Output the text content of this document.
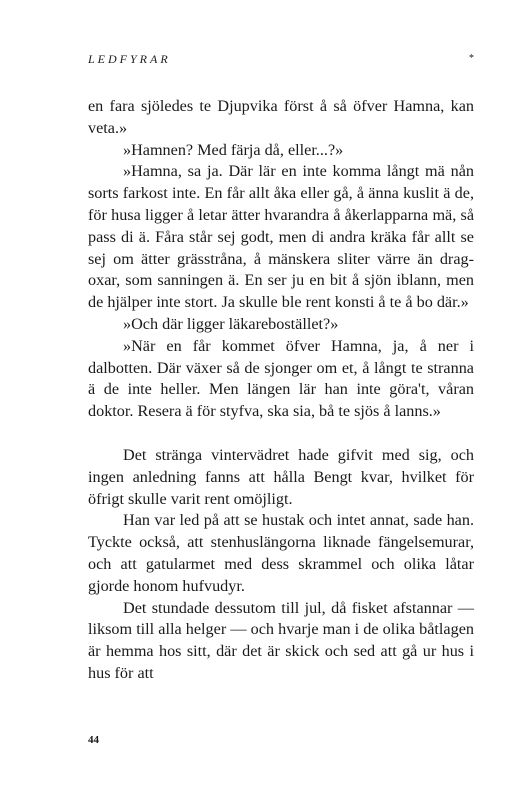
LEDFYRAR	*

en fara sjöledes te Djupvika först å så öfver Hamna, kan veta.»

»Hamnen? Med färja då, eller...?»

»Hamna, sa ja. Där lär en inte komma långt mä nån sorts farkost inte. En får allt åka eller gå, å änna kuslit ä de, för husa ligger å letar ätter hvarandra å åkerlapparna mä, så pass di ä. Fåra står sej godt, men di andra kräka får allt se sej om ätter grässtråna, å mänskera sliter värre än drag-oxar, som sanningen ä. En ser ju en bit å sjön iblann, men de hjälper inte stort. Ja skulle ble rent konsti å te å bo där.»

»Och där ligger läkarebostället?»

»När en får kommet öfver Hamna, ja, å ner i dalbotten. Där växer så de sjonger om et, å långt te stranna ä de inte heller. Men längen lär han inte göra't, våran doktor. Resera ä för styfva, ska sia, bå te sjös å lanns.»

Det stränga vintervädret hade gifvit med sig, och ingen anledning fanns att hålla Bengt kvar, hvilket för öfrigt skulle varit rent omöjligt.

Han var led på att se hustak och intet annat, sade han. Tyckte också, att stenhuslängorna liknade fängelsemurar, och att gatularmet med dess skrammel och olika låtar gjorde honom hufvudyr.

Det stundade dessutom till jul, då fisket afstannar — liksom till alla helger — och hvarje man i de olika båtlagen är hemma hos sitt, där det är skick och sed att gå ur hus i hus för att

44
